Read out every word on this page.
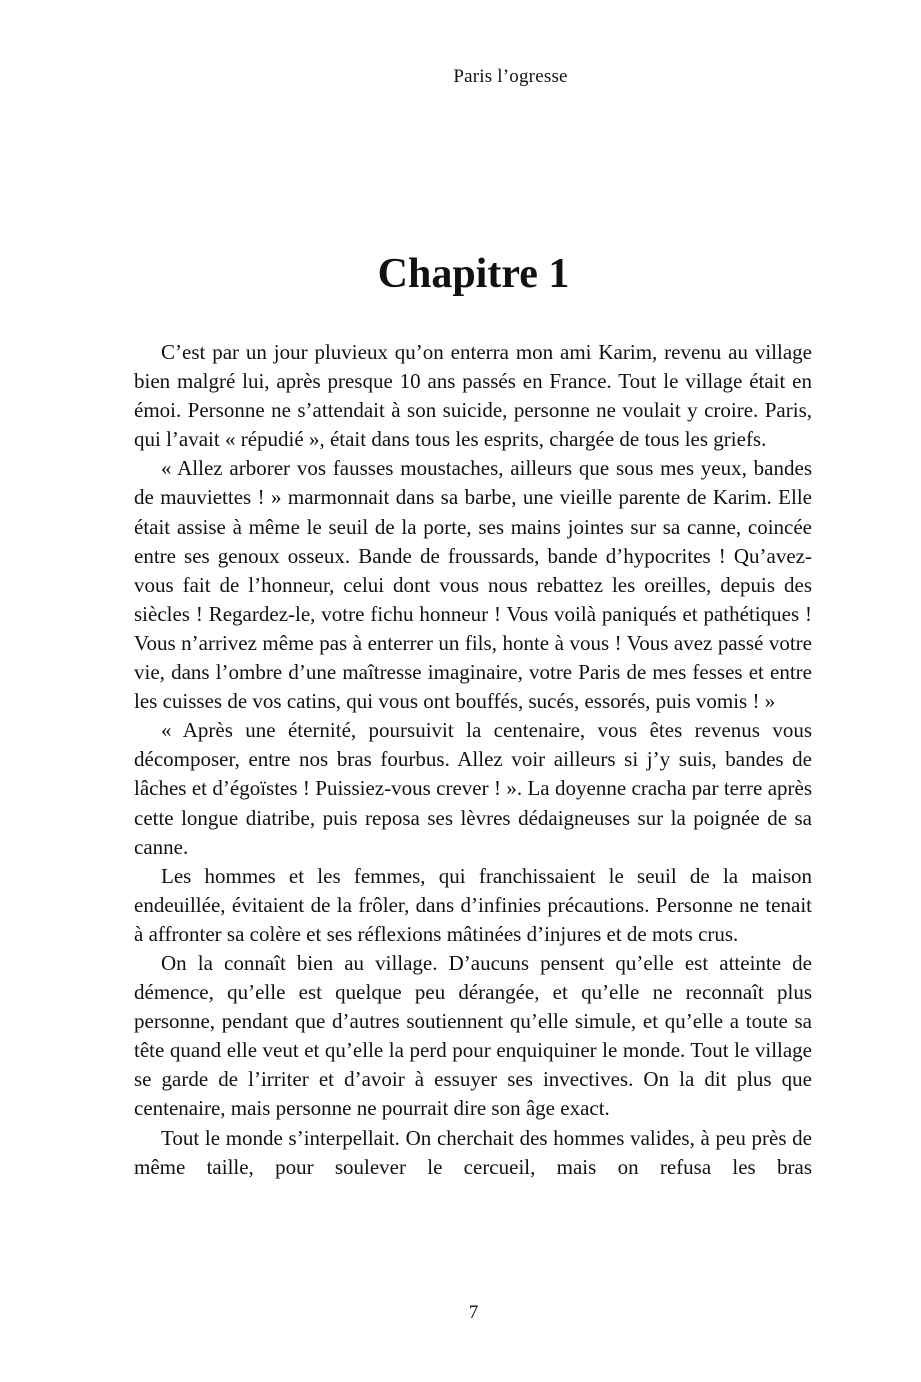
Paris l’ogresse
Chapitre 1

C’est par un jour pluvieux qu’on enterra mon ami Karim, revenu au village bien malgré lui, après presque 10 ans passés en France. Tout le village était en émoi. Personne ne s’attendait à son suicide, personne ne voulait y croire. Paris, qui l’avait « répudié », était dans tous les esprits, chargée de tous les griefs.

« Allez arborer vos fausses moustaches, ailleurs que sous mes yeux, bandes de mauviettes ! » marmonnait dans sa barbe, une vieille parente de Karim. Elle était assise à même le seuil de la porte, ses mains jointes sur sa canne, coincée entre ses genoux osseux. Bande de froussards, bande d’hypocrites ! Qu’avez-vous fait de l’honneur, celui dont vous nous rebattez les oreilles, depuis des siècles ! Regardez-le, votre fichu honneur ! Vous voilà paniqués et pathétiques ! Vous n’arrivez même pas à enterrer un fils, honte à vous ! Vous avez passé votre vie, dans l’ombre d’une maîtresse imaginaire, votre Paris de mes fesses et entre les cuisses de vos catins, qui vous ont bouffés, sucés, essorés, puis vomis ! »

« Après une éternité, poursuivit la centenaire, vous êtes revenus vous décomposer, entre nos bras fourbus. Allez voir ailleurs si j’y suis, bandes de lâches et d’égoïstes ! Puissiez-vous crever ! ». La doyenne cracha par terre après cette longue diatribe, puis reposa ses lèvres dédaigneuses sur la poignée de sa canne.

Les hommes et les femmes, qui franchissaient le seuil de la maison endeuillée, évitaient de la frôler, dans d’infinies précautions. Personne ne tenait à affronter sa colère et ses réflexions mâtinées d’injures et de mots crus.

On la connaît bien au village. D’aucuns pensent qu’elle est atteinte de démence, qu’elle est quelque peu dérangée, et qu’elle ne reconnaît plus personne, pendant que d’autres soutiennent qu’elle simule, et qu’elle a toute sa tête quand elle veut et qu’elle la perd pour enquiquiner le monde. Tout le village se garde de l’irriter et d’avoir à essuyer ses invectives. On la dit plus que centenaire, mais personne ne pourrait dire son âge exact.

Tout le monde s’interpellait. On cherchait des hommes valides, à peu près de même taille, pour soulever le cercueil, mais on refusa les bras

7
